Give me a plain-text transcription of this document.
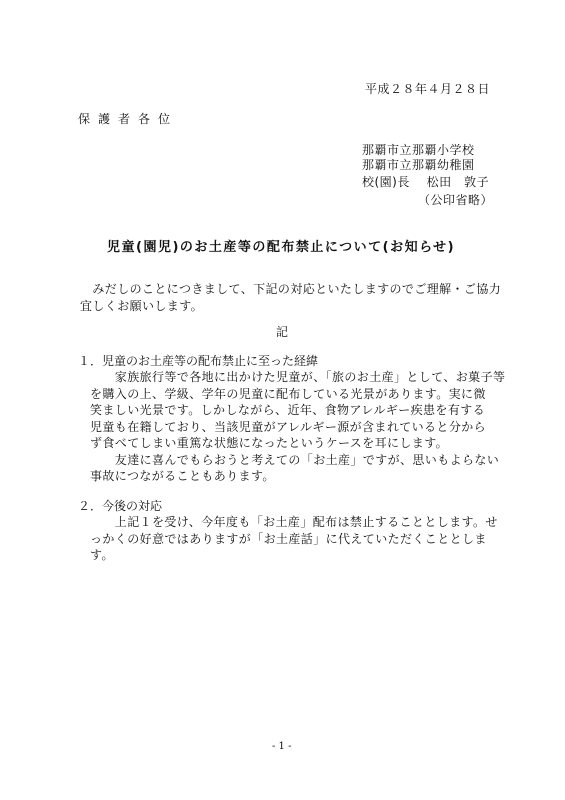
平成２８年４月２８日
保護者各位
那覇市立那覇小学校
那覇市立那覇幼稚園
校(園)長　 松田　敦子
（公印省略）
児童(園児)のお土産等の配布禁止について(お知らせ)
　みだしのことにつきまして、下記の対応といたしますのでご理解・ご協力
宜しくお願いします。
記
１．児童のお土産等の配布禁止に至った経緯
　　家族旅行等で各地に出かけた児童が、「旅のお土産」として、お菓子等
を購入の上、学級、学年の児童に配布している光景があります。実に微
笑ましい光景です。しかしながら、近年、食物アレルギー疾患を有する
児童も在籍しており、当該児童がアレルギー源が含まれていると分から
ず食べてしまい重篤な状態になったというケースを耳にします。
　　友達に喜んでもらおうと考えての「お土産」ですが、思いもよらない
事故につながることもあります。
２．今後の対応
　　上記１を受け、今年度も「お土産」配布は禁止することとします。せ
っかくの好意ではありますが「お土産話」に代えていただくこととしま
す。
- 1 -
